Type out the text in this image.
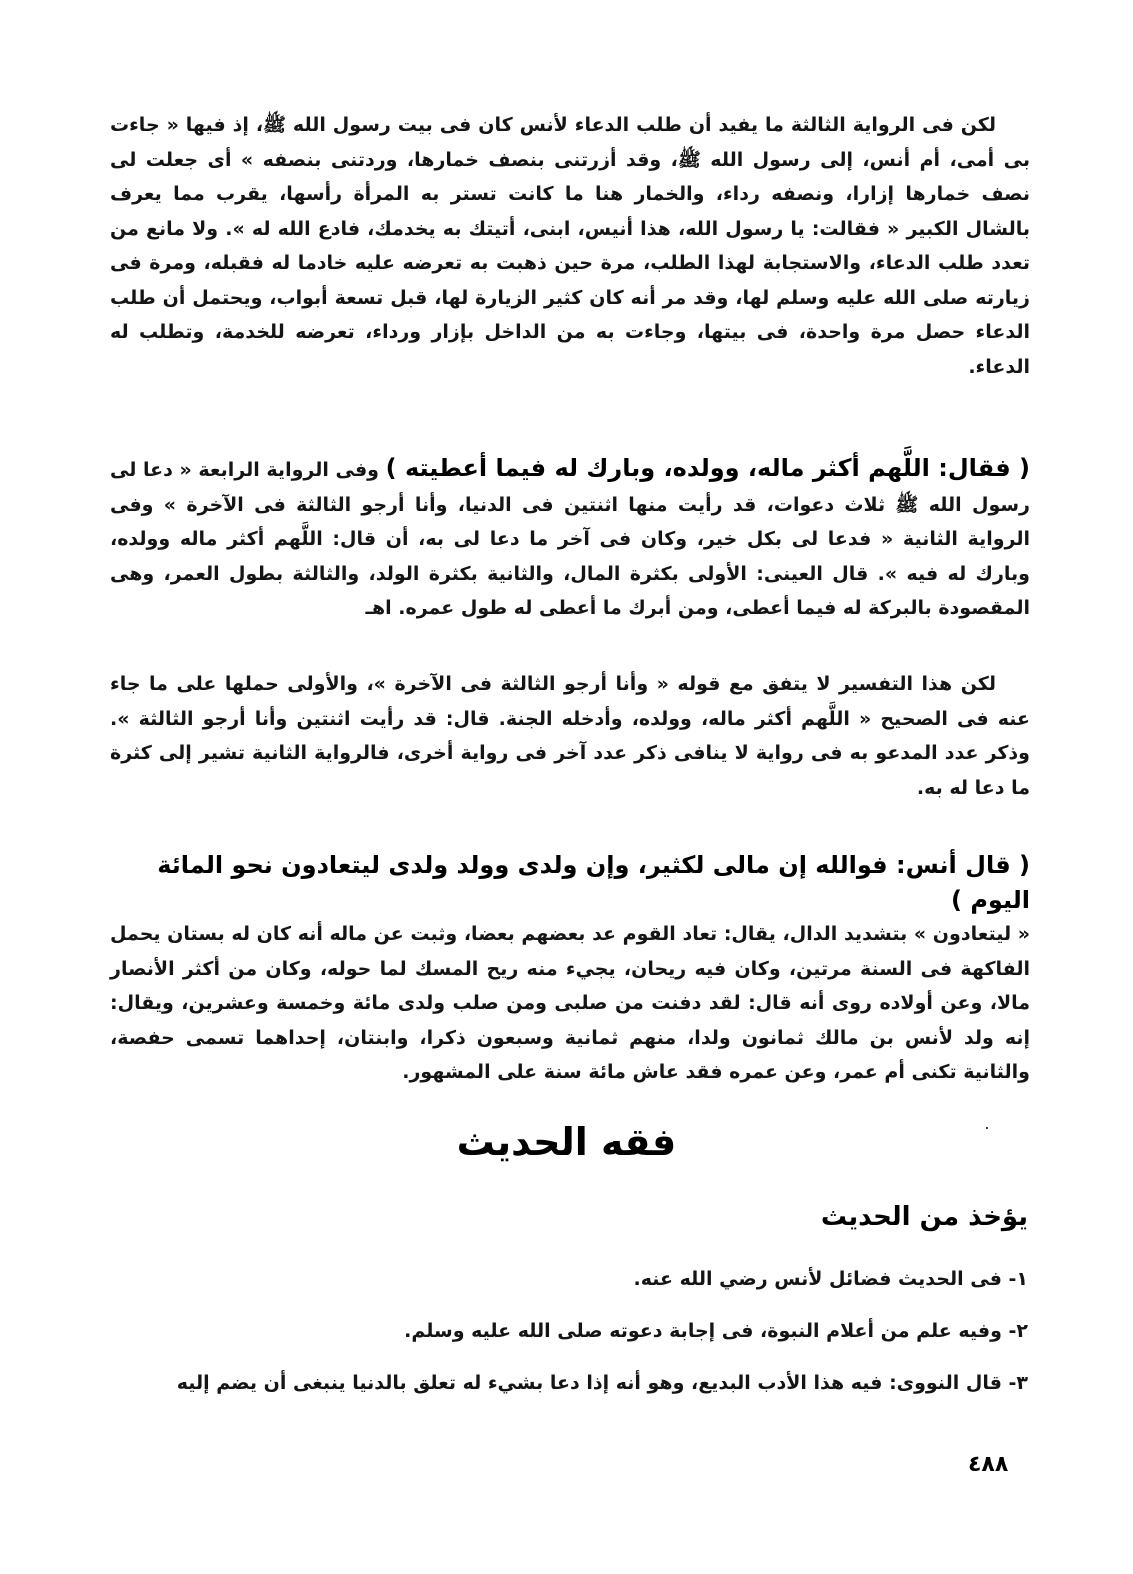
لكن فى الرواية الثالثة ما يفيد أن طلب الدعاء لأنس كان فى بيت رسول الله ﷺ، إذ فيها « جاءت بى أمى، أم أنس، إلى رسول الله ﷺ، وقد أزرتنى بنصف خمارها، وردتنى بنصفه » أى جعلت لى نصف خمارها إزارا، ونصفه رداء، والخمار هنا ما كانت تستر به المرأة رأسها، يقرب مما يعرف بالشال الكبير « فقالت: يا رسول الله، هذا أنيس، ابنى، أتيتك به يخدمك، فادع الله له ». ولا مانع من تعدد طلب الدعاء، والاستجابة لهذا الطلب، مرة حين ذهبت به تعرضه عليه خادما له فقبله، ومرة فى زيارته صلى الله عليه وسلم لها، وقد مر أنه كان كثير الزيارة لها، قبل تسعة أبواب، ويحتمل أن طلب الدعاء حصل مرة واحدة، فى بيتها، وجاءت به من الداخل بإزار ورداء، تعرضه للخدمة، وتطلب له الدعاء.
( فقال: اللَّهم أكثر ماله، وولده، وبارك له فيما أعطيته ) وفى الرواية الرابعة « دعا لى رسول الله ﷺ ثلاث دعوات، قد رأيت منها اثنتين فى الدنيا، وأنا أرجو الثالثة فى الآخرة » وفى الرواية الثانية « فدعا لى بكل خير، وكان فى آخر ما دعا لى به، أن قال: اللَّهم أكثر ماله وولده، وبارك له فيه ». قال العينى: الأولى بكثرة المال، والثانية بكثرة الولد، والثالثة بطول العمر، وهى المقصودة بالبركة له فيما أعطى، ومن أبرك ما أعطى له طول عمره. اهـ
لكن هذا التفسير لا يتفق مع قوله « وأنا أرجو الثالثة فى الآخرة »، والأولى حملها على ما جاء عنه فى الصحيح « اللَّهم أكثر ماله، وولده، وأدخله الجنة. قال: قد رأيت اثنتين وأنا أرجو الثالثة ». وذكر عدد المدعو به فى رواية لا ينافى ذكر عدد آخر فى رواية أخرى، فالرواية الثانية تشير إلى كثرة ما دعا له به.
( قال أنس: فوالله إن مالى لكثير، وإن ولدى وولد ولدى ليتعادون نحو المائة اليوم )
« ليتعادون » بتشديد الدال، يقال: تعاد القوم عد بعضهم بعضا، وثبت عن ماله أنه كان له بستان يحمل الفاكهة فى السنة مرتين، وكان فيه ريحان، يجيء منه ريح المسك لما حوله، وكان من أكثر الأنصار مالا، وعن أولاده روى أنه قال: لقد دفنت من صلبى ومن صلب ولدى مائة وخمسة وعشرين، ويقال: إنه ولد لأنس بن مالك ثمانون ولدا، منهم ثمانية وسبعون ذكرا، وابنتان، إحداهما تسمى حفصة، والثانية تكنى أم عمر، وعن عمره فقد عاش مائة سنة على المشهور.
فقه الحديث
يؤخذ من الحديث
١- فى الحديث فضائل لأنس رضي الله عنه.
٢- وفيه علم من أعلام النبوة، فى إجابة دعوته صلى الله عليه وسلم.
٣- قال النووى: فيه هذا الأدب البديع، وهو أنه إذا دعا بشيء له تعلق بالدنيا ينبغى أن يضم إليه
٤٨٨
